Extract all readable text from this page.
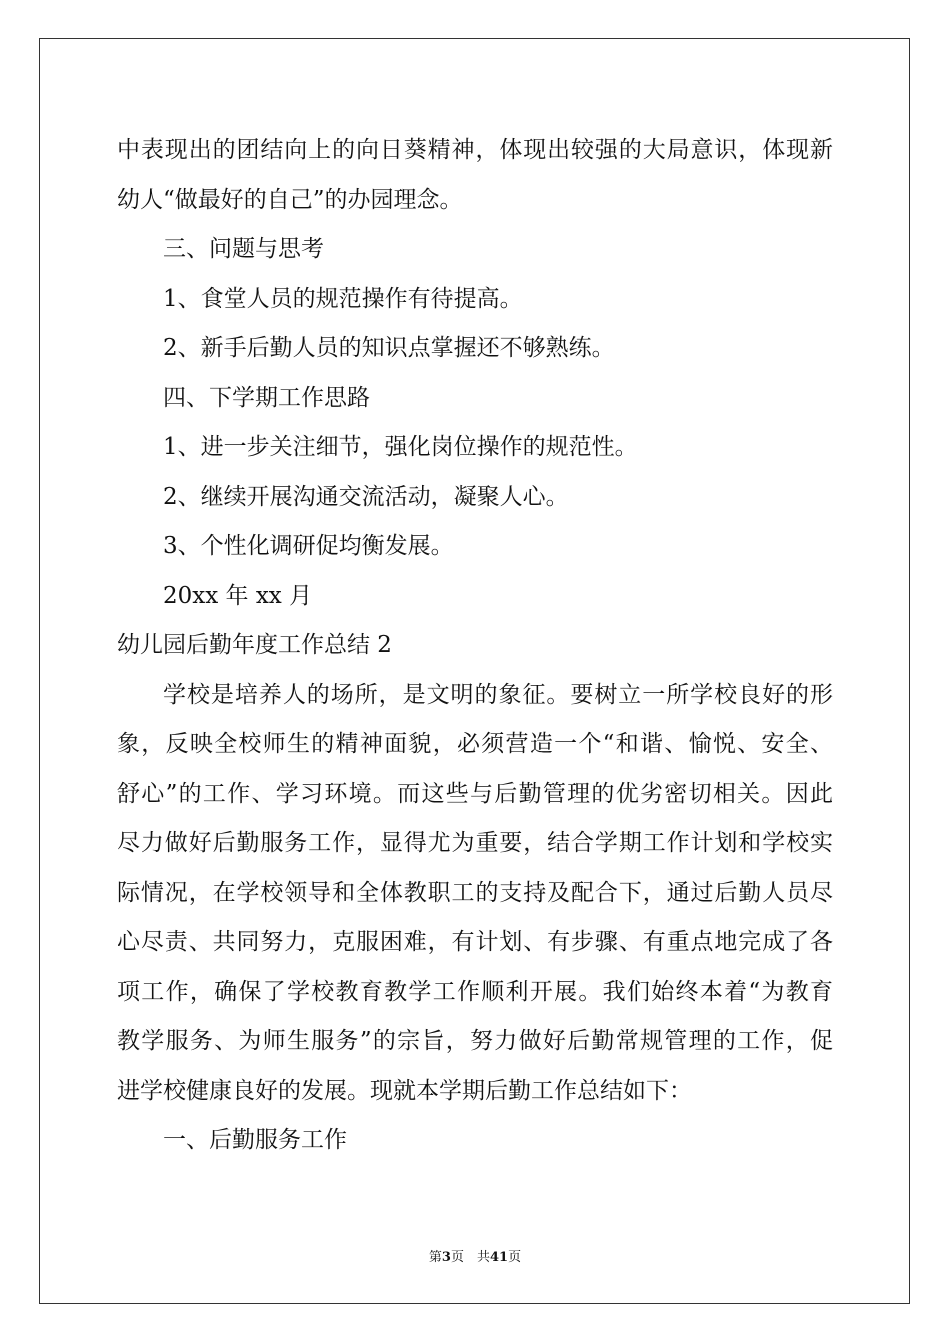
中表现出的团结向上的向日葵精神，体现出较强的大局意识，体现新
幼人“做最好的自己”的办园理念。
三、问题与思考
1、食堂人员的规范操作有待提高。
2、新手后勤人员的知识点掌握还不够熟练。
四、下学期工作思路
1、进一步关注细节，强化岗位操作的规范性。
2、继续开展沟通交流活动，凝聚人心。
3、个性化调研促均衡发展。
20xx 年 xx 月
幼儿园后勤年度工作总结 2
学校是培养人的场所，是文明的象征。要树立一所学校良好的形
象，反映全校师生的精神面貌，必须营造一个“和谐、愉悦、安全、
舒心”的工作、学习环境。而这些与后勤管理的优劣密切相关。因此
尽力做好后勤服务工作，显得尤为重要，结合学期工作计划和学校实
际情况，在学校领导和全体教职工的支持及配合下，通过后勤人员尽
心尽责、共同努力，克服困难，有计划、有步骤、有重点地完成了各
项工作，确保了学校教育教学工作顺利开展。我们始终本着“为教育
教学服务、为师生服务”的宗旨，努力做好后勤常规管理的工作，促
进学校健康良好的发展。现就本学期后勤工作总结如下：
一、后勤服务工作
第3页　共41页
